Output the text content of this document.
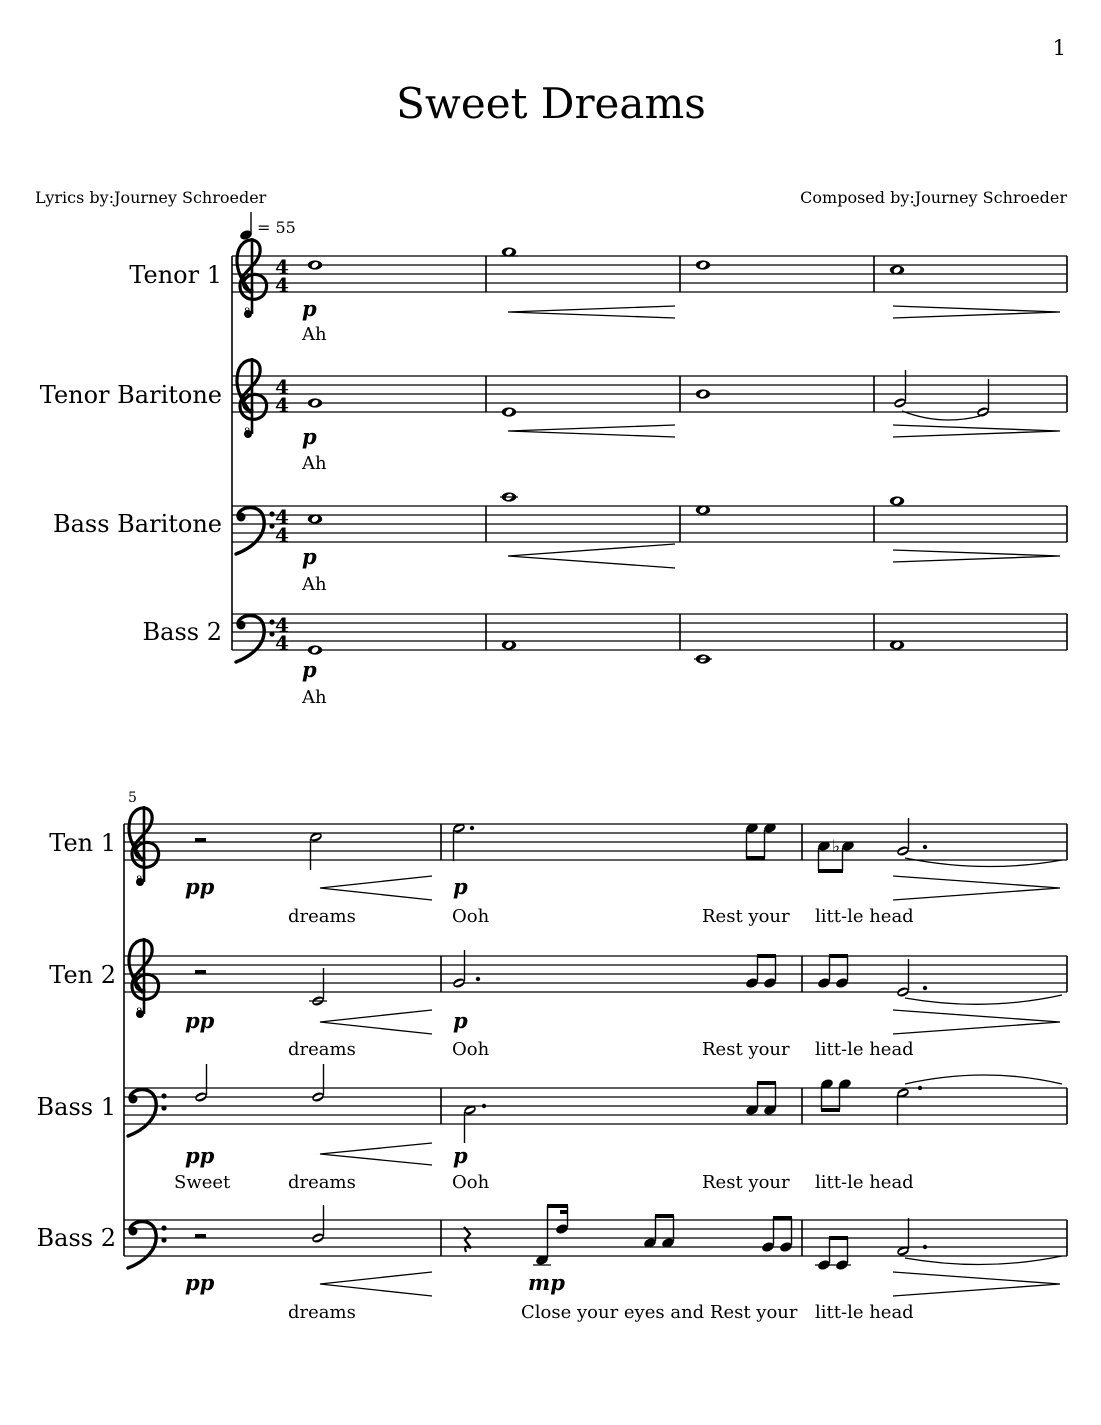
1
Sweet Dreams
Lyrics by:Journey Schroeder	Composed by:Journey Schroeder
= 55
Tenor 1
8
4
4
p
Ah
Tenor Baritone
8
4
4
p
Ah
Bass Baritone	4
4
p
Ah
Bass 2	4
4
p
Ah
5
Ten 1
8
♭
pp	p
dreams	Ooh	Rest your litt-le head
Ten 2
8 pp	p
dreams	Ooh	Rest your litt-le head
Bass 1
pp	p
Sweet	dreams	Ooh	Rest your litt-le head
Bass 2
pp	mp
dreams	Close your eyes and Rest your litt-le head
